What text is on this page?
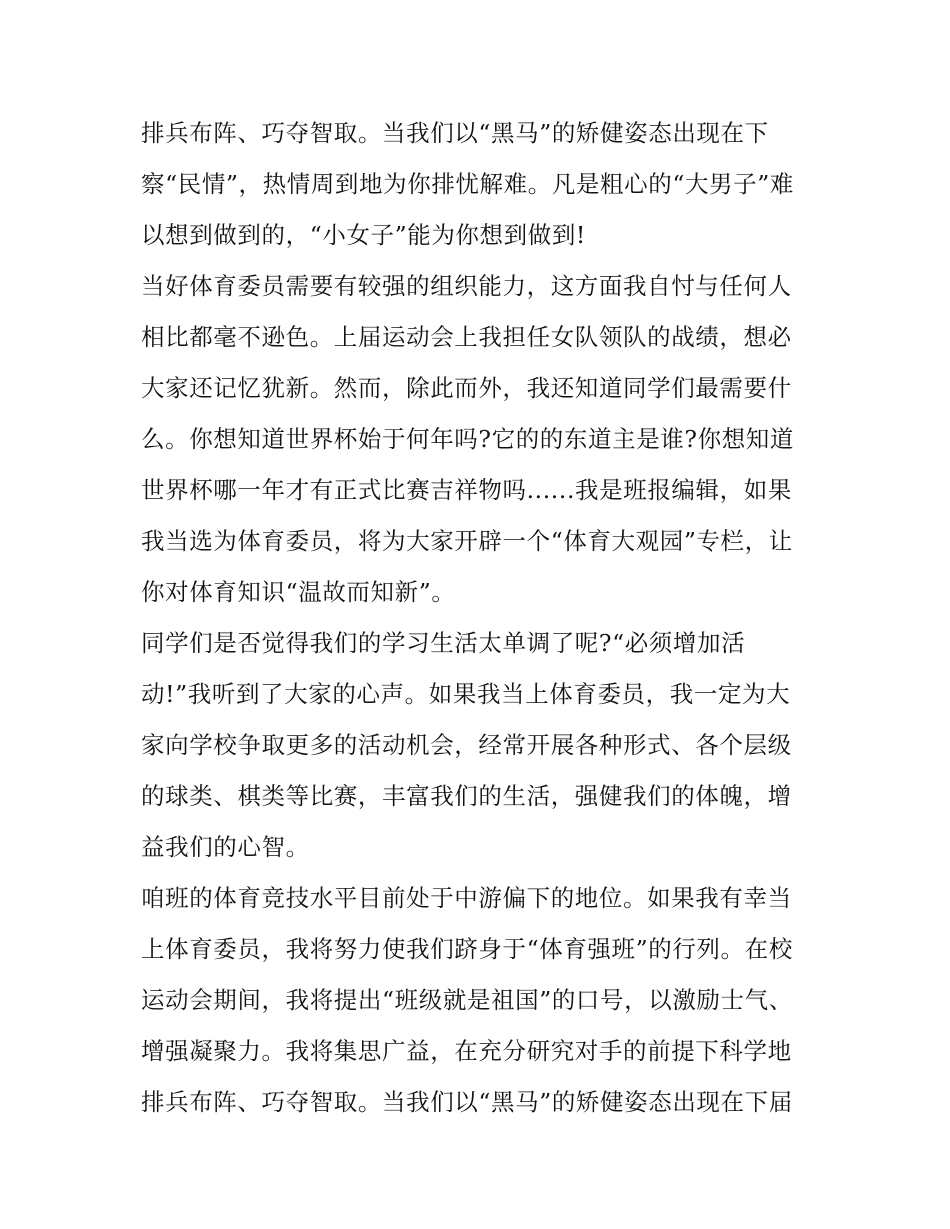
排兵布阵、巧夺智取。当我们以“黑马”的矫健姿态出现在下
察“民情”，热情周到地为你排忧解难。凡是粗心的“大男子”难
以想到做到的，“小女子”能为你想到做到!
当好体育委员需要有较强的组织能力，这方面我自忖与任何人
相比都毫不逊色。上届运动会上我担任女队领队的战绩，想必
大家还记忆犹新。然而，除此而外，我还知道同学们最需要什
么。你想知道世界杯始于何年吗?它的的东道主是谁?你想知道
世界杯哪一年才有正式比赛吉祥物吗......我是班报编辑，如果
我当选为体育委员，将为大家开辟一个“体育大观园”专栏，让
你对体育知识“温故而知新”。
同学们是否觉得我们的学习生活太单调了呢?“必须增加活
动!”我听到了大家的心声。如果我当上体育委员，我一定为大
家向学校争取更多的活动机会，经常开展各种形式、各个层级
的球类、棋类等比赛，丰富我们的生活，强健我们的体魄，增
益我们的心智。
咱班的体育竞技水平目前处于中游偏下的地位。如果我有幸当
上体育委员，我将努力使我们跻身于“体育强班”的行列。在校
运动会期间，我将提出“班级就是祖国”的口号，以激励士气、
增强凝聚力。我将集思广益，在充分研究对手的前提下科学地
排兵布阵、巧夺智取。当我们以“黑马”的矫健姿态出现在下届
